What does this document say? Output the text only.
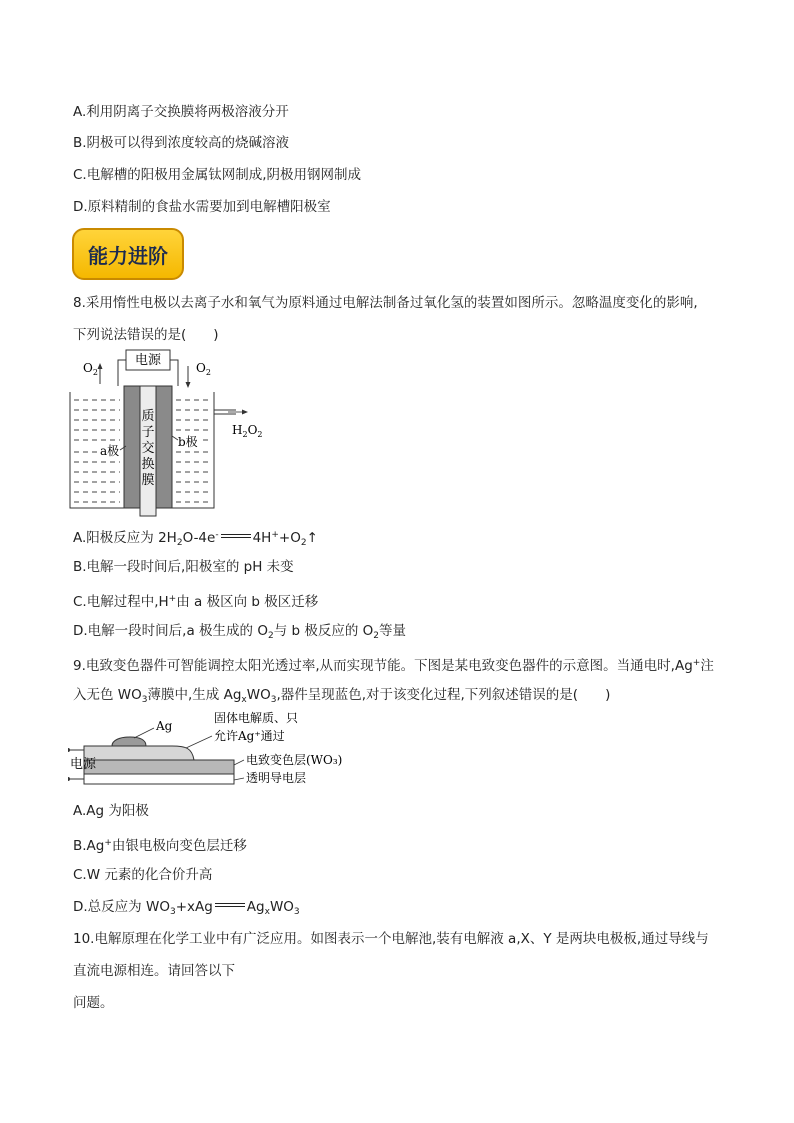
A.利用阴离子交换膜将两极溶液分开
B.阴极可以得到浓度较高的烧碱溶液
C.电解槽的阳极用金属钛网制成,阴极用钢网制成
D.原料精制的食盐水需要加到电解槽阳极室
能力进阶
8.采用惰性电极以去离子水和氧气为原料通过电解法制备过氧化氢的装置如图所示。忽略温度变化的影响,
下列说法错误的是(　　)
电源
$O_2$	$O_2$
$H_2O_2$
质
子
交
换
膜
a极
b极
A.阳极反应为 $2H_2O-4e^-$	$4H^++O_2↑$
B.电解一段时间后,阳极室的 pH 未变
C.电解过程中,H+由 a 极区向 b 极区迁移
D.电解一段时间后,a 极生成的 $O_2$与 b 极反应的 $O_2$等量
9.电致变色器件可智能调控太阳光透过率,从而实现节能。下图是某电致变色器件的示意图。当通电时,Ag+注
入无色 $WO_3$薄膜中,生成 $Ag_xWO_3$,器件呈现蓝色,对于该变化过程,下列叙述错误的是(　　)
电源
Ag
固体电解质、只
允许Ag⁺通过
电致变色层(WO₃)
透明导电层
A.Ag 为阳极
B.Ag+由银电极向变色层迁移
C.W 元素的化合价升高
D.总反应为 $WO_3+xAg$	$Ag_xWO_3$
10.电解原理在化学工业中有广泛应用。如图表示一个电解池,装有电解液 a,X、Y 是两块电极板,通过导线与
直流电源相连。请回答以下
问题。
